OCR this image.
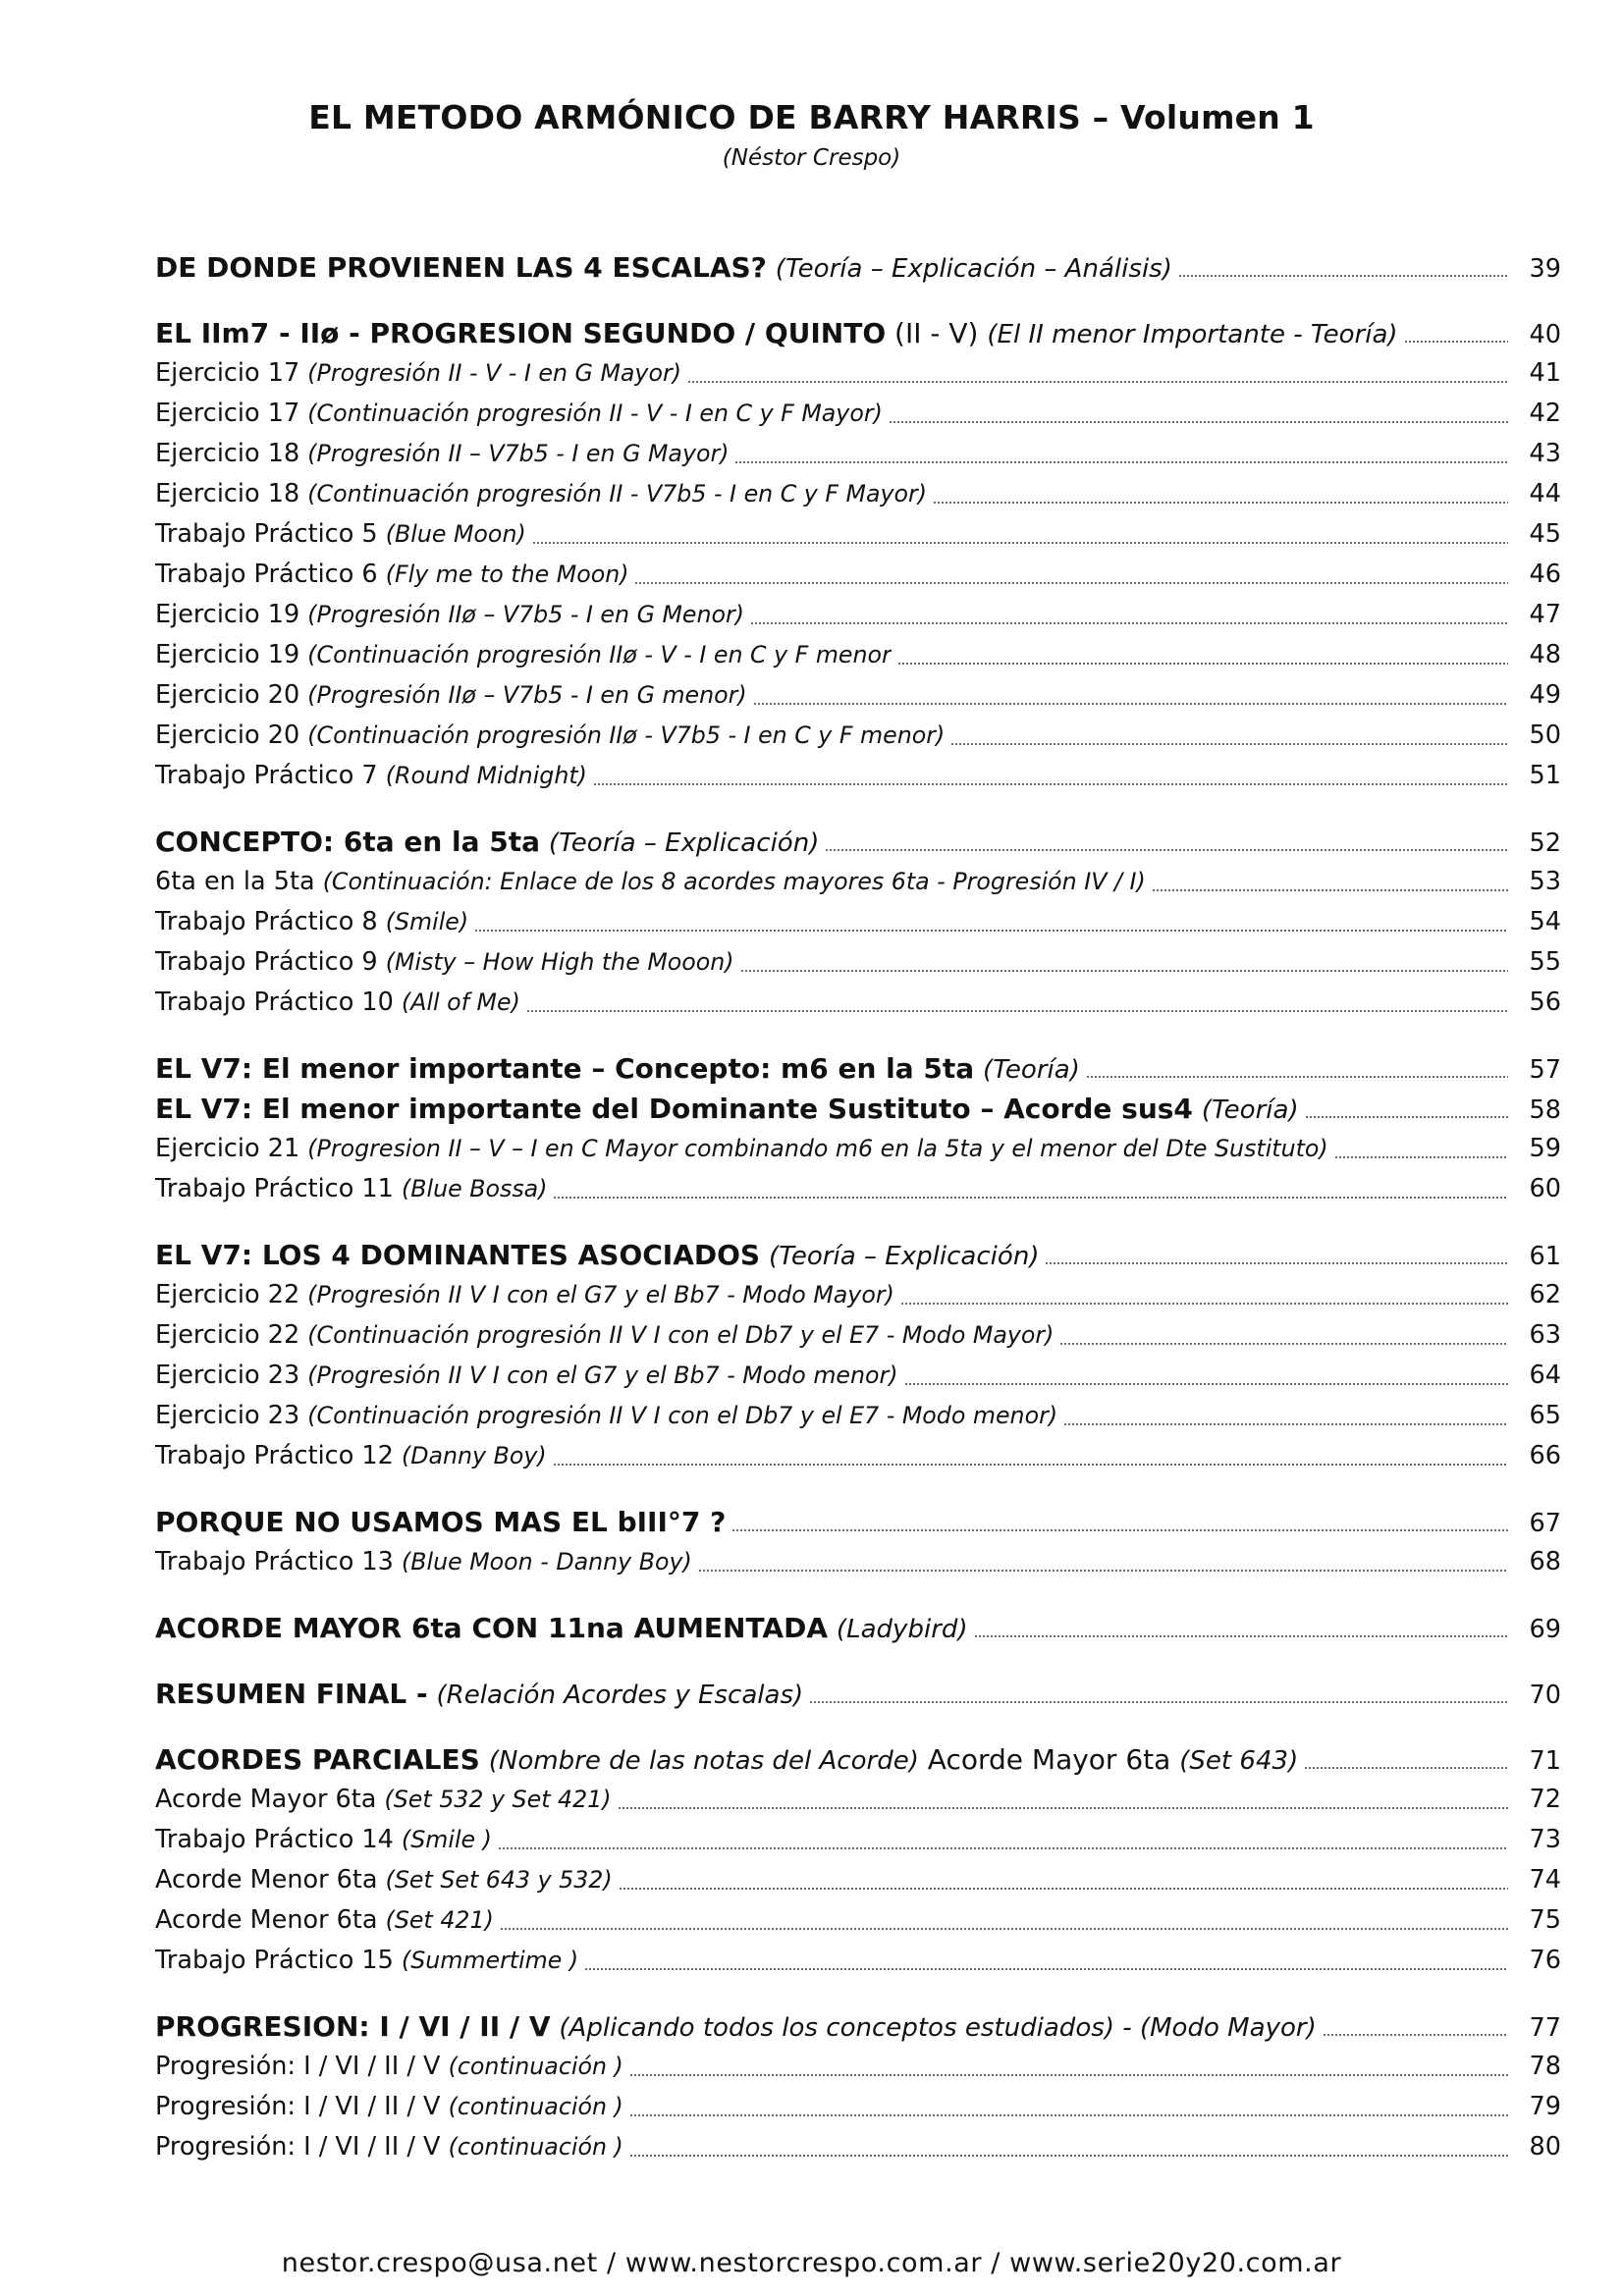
EL METODO ARMÓNICO DE BARRY HARRIS – Volumen 1
(Néstor Crespo)
DE DONDE PROVIENEN LAS 4 ESCALAS? (Teoría – Explicación – Análisis)	39
EL IIm7 - IIø - PROGRESION SEGUNDO / QUINTO (II - V) (El II menor Importante - Teoría)	40
Ejercicio 17 (Progresión II - V - I en G Mayor)	41
Ejercicio 17 (Continuación progresión II - V - I en C y F Mayor)	42
Ejercicio 18 (Progresión II – V7b5 - I en G Mayor)	43
Ejercicio 18 (Continuación progresión II - V7b5 - I en C y F Mayor)	44
Trabajo Práctico 5 (Blue Moon)	45
Trabajo Práctico 6 (Fly me to the Moon)	46
Ejercicio 19 (Progresión IIø – V7b5 - I en G Menor)	47
Ejercicio 19 (Continuación progresión IIø - V - I en C y F menor	48
Ejercicio 20 (Progresión IIø – V7b5 - I en G menor)	49
Ejercicio 20 (Continuación progresión IIø - V7b5 - I en C y F menor)	50
Trabajo Práctico 7 (Round Midnight)	51
CONCEPTO: 6ta en la 5ta (Teoría – Explicación)	52
6ta en la 5ta (Continuación: Enlace de los 8 acordes mayores 6ta - Progresión IV / I)	53
Trabajo Práctico 8 (Smile)	54
Trabajo Práctico 9 (Misty – How High the Mooon)	55
Trabajo Práctico 10 (All of Me)	56
EL V7: El menor importante – Concepto: m6 en la 5ta (Teoría)	57
EL V7: El menor importante del Dominante Sustituto – Acorde sus4 (Teoría)	58
Ejercicio 21 (Progresion II – V – I en C Mayor combinando m6 en la 5ta y el menor del Dte Sustituto)	59
Trabajo Práctico 11 (Blue Bossa)	60
EL V7: LOS 4 DOMINANTES ASOCIADOS (Teoría – Explicación)	61
Ejercicio 22 (Progresión II V I con el G7 y el Bb7 - Modo Mayor)	62
Ejercicio 22 (Continuación progresión II V I con el Db7 y el E7 - Modo Mayor)	63
Ejercicio 23 (Progresión II V I con el G7 y el Bb7 - Modo menor)	64
Ejercicio 23 (Continuación progresión II V I con el Db7 y el E7 - Modo menor)	65
Trabajo Práctico 12 (Danny Boy)	66
PORQUE NO USAMOS MAS EL bIII°7 ?	67
Trabajo Práctico 13 (Blue Moon - Danny Boy)	68
ACORDE MAYOR 6ta CON 11na AUMENTADA (Ladybird)	69
RESUMEN FINAL - (Relación Acordes y Escalas)	70
ACORDES PARCIALES (Nombre de las notas del Acorde) Acorde Mayor 6ta (Set 643)	71
Acorde Mayor 6ta (Set 532 y Set 421)	72
Trabajo Práctico 14 (Smile )	73
Acorde Menor 6ta (Set Set 643 y 532)	74
Acorde Menor 6ta (Set 421)	75
Trabajo Práctico 15 (Summertime )	76
PROGRESION: I / VI / II / V (Aplicando todos los conceptos estudiados) - (Modo Mayor)	77
Progresión: I / VI / II / V (continuación )	78
Progresión: I / VI / II / V (continuación )	79
Progresión: I / VI / II / V (continuación )	80
nestor.crespo@usa.net / www.nestorcrespo.com.ar / www.serie20y20.com.ar
